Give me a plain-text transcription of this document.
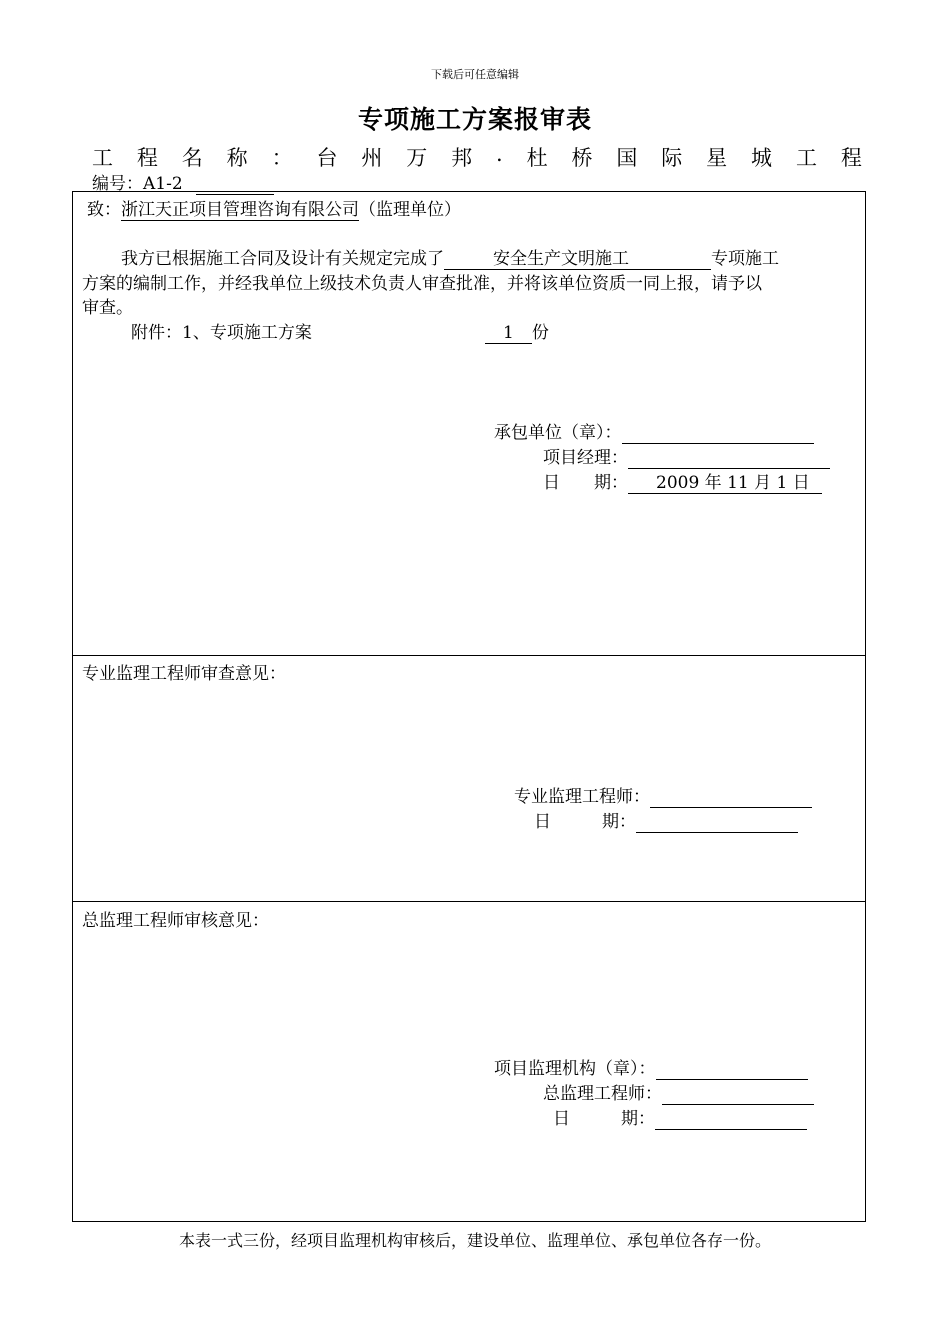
下载后可任意编辑
专项施工方案报审表
工 程 名 称 ： 台 州 万 邦 . 杜 桥 国 际 星 城 工 程
编号：A1-2
致：浙江天正项目管理咨询有限公司（监理单位）
我方已根据施工合同及设计有关规定完成了	安全生产文明施工	专项施工
方案的编制工作，并经我单位上级技术负责人审查批准，并将该单位资质一同上报，请予以
审查。
附件：1、专项施工方案	1 份
承包单位（章）：
项目经理：
日　　期： 2009 年 11 月 1 日
专业监理工程师审查意见：
专业监理工程师：
日　　　期：
总监理工程师审核意见：
项目监理机构（章）：
总监理工程师：
日　　　期：
本表一式三份，经项目监理机构审核后，建设单位、监理单位、承包单位各存一份。
